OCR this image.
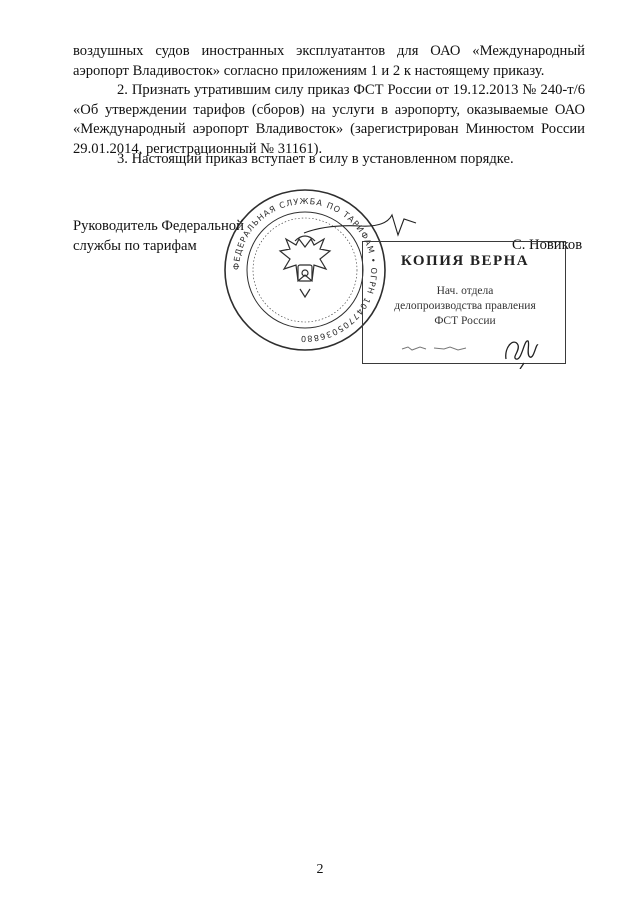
воздушных судов иностранных эксплуатантов для ОАО «Международный аэропорт Владивосток» согласно приложениям 1 и 2 к настоящему приказу.
2. Признать утратившим силу приказ ФСТ России от 19.12.2013 № 240-т/6 «Об утверждении тарифов (сборов) на услуги в аэропорту, оказываемые ОАО «Международный аэропорт Владивосток» (зарегистрирован Минюстом России 29.01.2014, регистрационный № 31161).
3. Настоящий приказ вступает в силу в установленном порядке.
ФЕДЕРАЛЬНАЯ СЛУЖБА ПО ТАРИФАМ • ОГРН 1047705036880
Руководитель Федеральной
службы по тарифам	С. Новиков
КОПИЯ ВЕРНА
Нач. отдела
делопроизводства правления
ФСТ России
2
